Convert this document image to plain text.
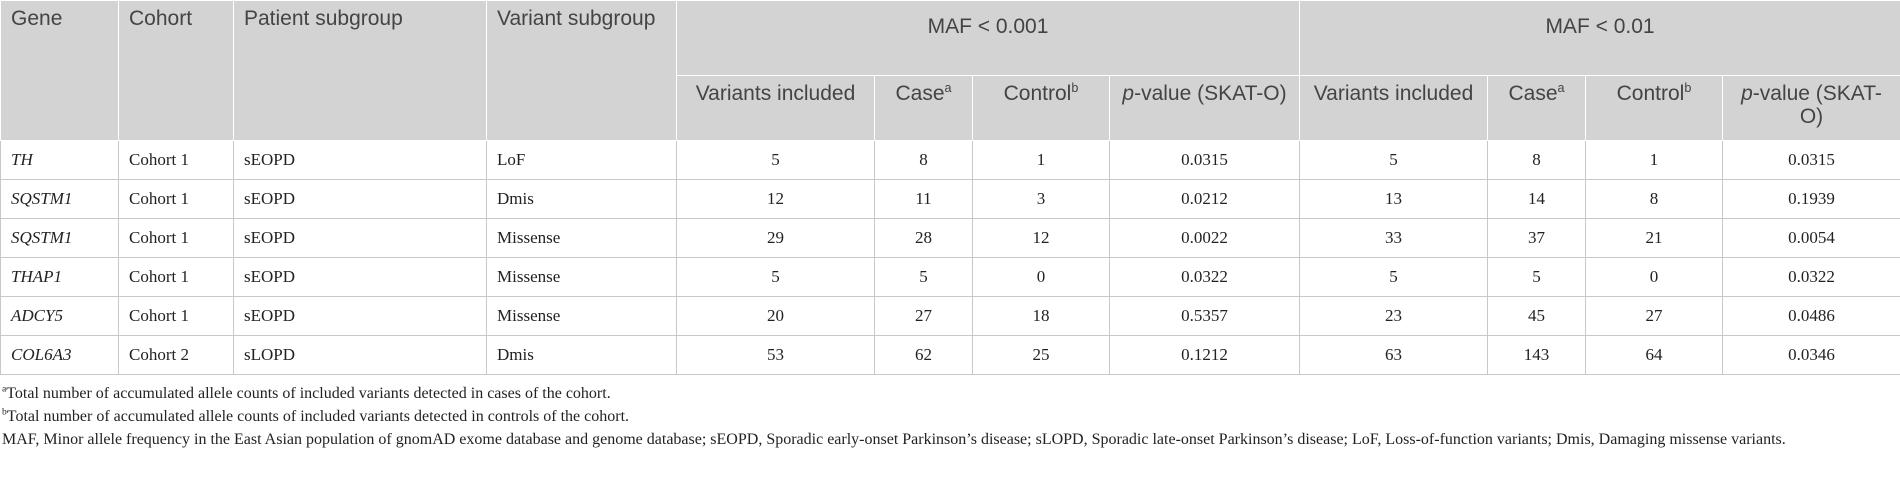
Gene	Cohort	Patient subgroup	Variant subgroup	MAF < 0.001				MAF < 0.01			
				Variants included	Case$^a$	Control$^b$	p-value (SKAT-O)	Variants included	Case$^a$	Control$^b$	p-value (SKAT-O)
TH	Cohort 1	sEOPD	LoF	5	8	1	0.0315	5	8	1	0.0315
SQSTM1	Cohort 1	sEOPD	Dmis	12	11	3	0.0212	13	14	8	0.1939
SQSTM1	Cohort 1	sEOPD	Missense	29	28	12	0.0022	33	37	21	0.0054
THAP1	Cohort 1	sEOPD	Missense	5	5	0	0.0322	5	5	0	0.0322
ADCY5	Cohort 1	sEOPD	Missense	20	27	18	0.5357	23	45	27	0.0486
COL6A3	Cohort 2	sLOPD	Dmis	53	62	25	0.1212	63	143	64	0.0346

$^a$Total number of accumulated allele counts of included variants detected in cases of the cohort.

$^b$Total number of accumulated allele counts of included variants detected in controls of the cohort.

MAF, Minor allele frequency in the East Asian population of gnomAD exome database and genome database; sEOPD, Sporadic early-onset Parkinson’s disease; sLOPD, Sporadic late-onset Parkinson’s disease; LoF, Loss-of-function variants; Dmis, Damaging missense variants.
